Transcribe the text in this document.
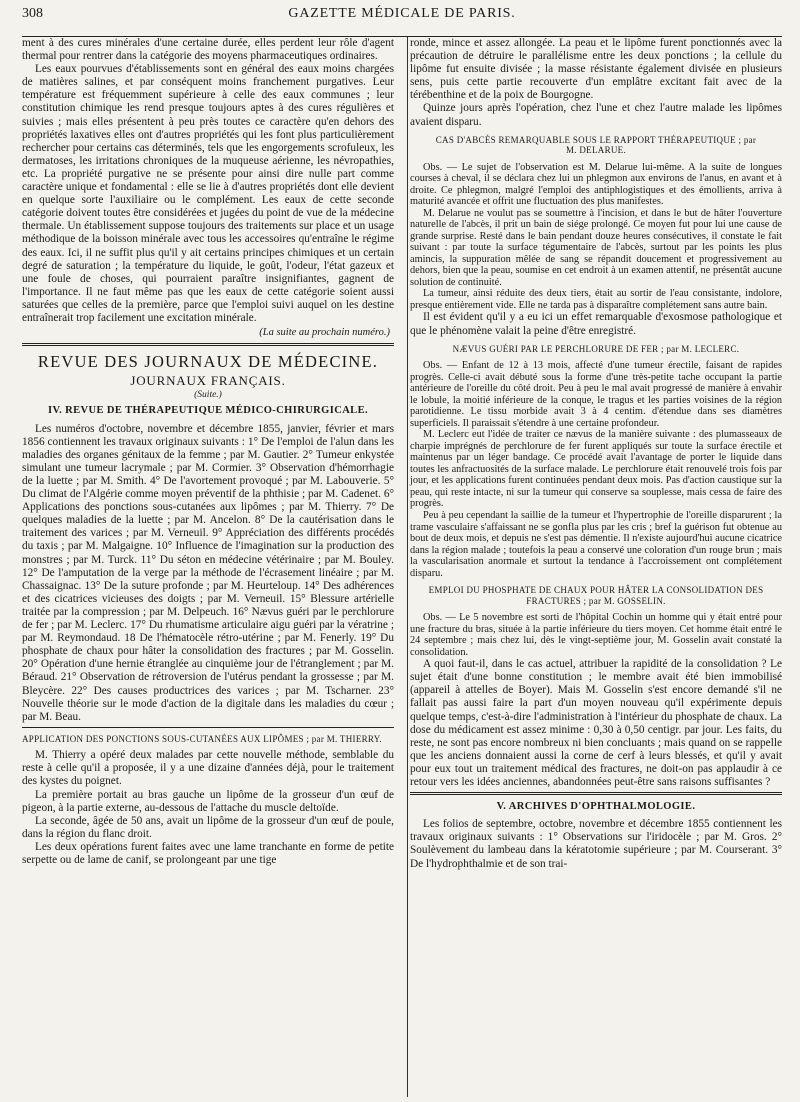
308	GAZETTE MÉDICALE DE PARIS.

ment à des cures minérales d'une certaine durée, elles perdent leur rôle d'agent thermal pour rentrer dans la catégorie des moyens pharmaceutiques ordinaires.

Les eaux pourvues d'établissements sont en général des eaux moins chargées de matières salines, et par conséquent moins franchement purgatives. Leur température est fréquemment supérieure à celle des eaux communes ; leur constitution chimique les rend presque toujours aptes à des cures régulières et suivies ; mais elles présentent à peu près toutes ce caractère qu'en dehors des propriétés laxatives elles ont d'autres propriétés qui les font plus particulièrement rechercher pour certains cas déterminés, tels que les engorgements scrofuleux, les dermatoses, les irritations chroniques de la muqueuse aérienne, les névropathies, etc. La propriété purgative ne se présente pour ainsi dire nulle part comme caractère unique et fondamental : elle se lie à d'autres propriétés dont elle devient en quelque sorte l'auxiliaire ou le complément. Les eaux de cette seconde catégorie doivent toutes être considérées et jugées du point de vue de la médecine thermale. Un établissement suppose toujours des traitements sur place et un usage méthodique de la boisson minérale avec tous les accessoires qu'entraîne le régime des eaux. Ici, il ne suffit plus qu'il y ait certains principes chimiques et un certain degré de saturation ; la température du liquide, le goût, l'odeur, l'état gazeux et une foule de choses, qui pourraient paraître insignifiantes, gagnent de l'importance. Il ne faut même pas que les eaux de cette catégorie soient aussi saturées que celles de la première, parce que l'emploi suivi auquel on les destine entraînerait trop facilement une excitation minérale.

(La suite au prochain numéro.)
REVUE DES JOURNAUX DE MÉDECINE.
JOURNAUX FRANÇAIS.
(Suite.)
IV. REVUE DE THÉRAPEUTIQUE MÉDICO-CHIRURGICALE.

Les numéros d'octobre, novembre et décembre 1855, janvier, février et mars 1856 contiennent les travaux originaux suivants : 1° De l'emploi de l'alun dans les maladies des organes génitaux de la femme ; par M. Gautier. 2° Tumeur enkystée simulant une tumeur lacrymale ; par M. Cormier. 3° Observation d'hémorrhagie de la luette ; par M. Smith. 4° De l'avortement provoqué ; par M. Labouverie. 5° Du climat de l'Algérie comme moyen préventif de la phthisie ; par M. Cadenet. 6° Applications des ponctions sous-cutanées aux lipômes ; par M. Thierry. 7° De quelques maladies de la luette ; par M. Ancelon. 8° De la cautérisation dans le traitement des varices ; par M. Verneuil. 9° Appréciation des différents procédés du taxis ; par M. Malgaigne. 10° Influence de l'imagination sur la production des monstres ; par M. Turck. 11° Du séton en médecine vétérinaire ; par M. Bouley. 12° De l'amputation de la verge par la méthode de l'écrasement linéaire ; par M. Chassaignac. 13° De la suture profonde ; par M. Heurteloup. 14° Des adhérences et des cicatrices vicieuses des doigts ; par M. Verneuil. 15° Blessure artérielle traitée par la compression ; par M. Delpeuch. 16° Nævus guéri par le perchlorure de fer ; par M. Leclerc. 17° Du rhumatisme articulaire aigu guéri par la vératrine ; par M. Reymondaud. 18 De l'hématocèle rétro-utérine ; par M. Fenerly. 19° Du phosphate de chaux pour hâter la consolidation des fractures ; par M. Gosselin. 20° Opération d'une hernie étranglée au cinquième jour de l'étranglement ; par M. Béraud. 21° Observation de rétroversion de l'utérus pendant la grossesse ; par M. Bleycère. 22° Des causes productrices des varices ; par M. Tscharner. 23° Nouvelle théorie sur le mode d'action de la digitale dans les maladies du cœur ; par M. Beau.

APPLICATION DES PONCTIONS SOUS-CUTANÉES AUX LIPÔMES ; par M. THIERRY.

M. Thierry a opéré deux malades par cette nouvelle méthode, semblable du reste à celle qu'il a proposée, il y a une dizaine d'années déjà, pour le traitement des kystes du poignet.

La première portait au bras gauche un lipôme de la grosseur d'un œuf de pigeon, à la partie externe, au-dessous de l'attache du muscle deltoïde.

La seconde, âgée de 50 ans, avait un lipôme de la grosseur d'un œuf de poule, dans la région du flanc droit.

Les deux opérations furent faites avec une lame tranchante en forme de petite serpette ou de lame de canif, se prolongeant par une tige

ronde, mince et assez allongée. La peau et le lipôme furent ponctionnés avec la précaution de détruire le parallélisme entre les deux ponctions ; la cellule du lipôme fut ensuite divisée ; la masse résistante également divisée en plusieurs sens, puis cette partie recouverte d'un emplâtre excitant fait avec de la térébenthine et de la poix de Bourgogne.

Quinze jours après l'opération, chez l'une et chez l'autre malade les lipômes avaient disparu.

CAS D'ABCÈS REMARQUABLE SOUS LE RAPPORT THÉRAPEUTIQUE ; par
M. DELARUE.

Obs. — Le sujet de l'observation est M. Delarue lui-même. A la suite de longues courses à cheval, il se déclara chez lui un phlegmon aux environs de l'anus, en avant et à droite. Ce phlegmon, malgré l'emploi des antiphlogistiques et des émollients, arriva à maturité avancée et offrit une fluctuation des plus manifestes.

M. Delarue ne voulut pas se soumettre à l'incision, et dans le but de hâter l'ouverture naturelle de l'abcès, il prit un bain de siége prolongé. Ce moyen fut pour lui une cause de grande surprise. Resté dans le bain pendant douze heures consécutives, il constate le fait suivant : par toute la surface tégumentaire de l'abcès, surtout par les points les plus amincis, la suppuration mêlée de sang se répandit doucement et progressivement au dehors, bien que la peau, soumise en cet endroit à un examen attentif, ne présentât aucune solution de continuité.

La tumeur, ainsi réduite des deux tiers, était au sortir de l'eau consistante, indolore, presque entièrement vide. Elle ne tarda pas à disparaître complétement sans autre bain.

Il est évident qu'il y a eu ici un effet remarquable d'exosmose pathologique et que le phénomène valait la peine d'être enregistré.

NÆVUS GUÉRI PAR LE PERCHLORURE DE FER ; par M. LECLERC.

Obs. — Enfant de 12 à 13 mois, affecté d'une tumeur érectile, faisant de rapides progrès. Celle-ci avait débuté sous la forme d'une très-petite tache occupant la partie antérieure de l'oreille du côté droit. Peu à peu le mal avait progressé de manière à envahir le lobule, la moitié inférieure de la conque, le tragus et les parties voisines de la région parotidienne. Le tissu morbide avait 3 à 4 centim. d'étendue dans ses diamètres superficiels. Il paraissait s'étendre à une certaine profondeur.

M. Leclerc eut l'idée de traiter ce nævus de la manière suivante : des plumasseaux de charpie imprégnés de perchlorure de fer furent appliqués sur toute la surface érectile et maintenus par un léger bandage. Ce procédé avait l'avantage de porter le liquide dans toutes les anfractuosités de la surface malade. Le perchlorure était renouvelé trois fois par jour, et les applications furent continuées pendant deux mois. Pas d'action caustique sur la peau, qui reste intacte, ni sur la tumeur qui conserve sa souplesse, mais cessa de faire des progrès.

Peu à peu cependant la saillie de la tumeur et l'hypertrophie de l'oreille disparurent ; la trame vasculaire s'affaissant ne se gonfla plus par les cris ; bref la guérison fut obtenue au bout de deux mois, et depuis ne s'est pas démentie. Il n'existe aujourd'hui aucune cicatrice dans la région malade ; toutefois la peau a conservé une coloration d'un rouge brun ; mais la vascularisation anormale et surtout la tendance à l'accroissement ont complétement disparu.

EMPLOI DU PHOSPHATE DE CHAUX POUR HÂTER LA CONSOLIDATION DES FRACTURES ; par M. GOSSELIN.

Obs. — Le 5 novembre est sorti de l'hôpital Cochin un homme qui y était entré pour une fracture du bras, située à la partie inférieure du tiers moyen. Cet homme était entré le 24 septembre ; mais chez lui, dès le vingt-septième jour, M. Gosselin avait constaté la consolidation.

A quoi faut-il, dans le cas actuel, attribuer la rapidité de la consolidation ? Le sujet était d'une bonne constitution ; le membre avait été bien immobilisé (appareil à attelles de Boyer). Mais M. Gosselin s'est encore demandé s'il ne fallait pas aussi faire la part d'un moyen nouveau qu'il expérimente depuis quelque temps, c'est-à-dire l'administration à l'intérieur du phosphate de chaux. La dose du médicament est assez minime : 0,30 à 0,50 centigr. par jour. Les faits, du reste, ne sont pas encore nombreux ni bien concluants ; mais quand on se rappelle que les anciens donnaient aussi la corne de cerf à leurs blessés, et qu'il y avait pour eux tout un traitement médical des fractures, ne doit-on pas applaudir à ce retour vers les idées anciennes, abandonnées peut-être sans raisons suffisantes ?

V. ARCHIVES D'OPHTHALMOLOGIE.

Les folios de septembre, octobre, novembre et décembre 1855 contiennent les travaux originaux suivants : 1° Observations sur l'iridocèle ; par M. Gros. 2° Soulèvement du lambeau dans la kératotomie supérieure ; par M. Courserant. 3° De l'hydrophthalmie et de son trai-
